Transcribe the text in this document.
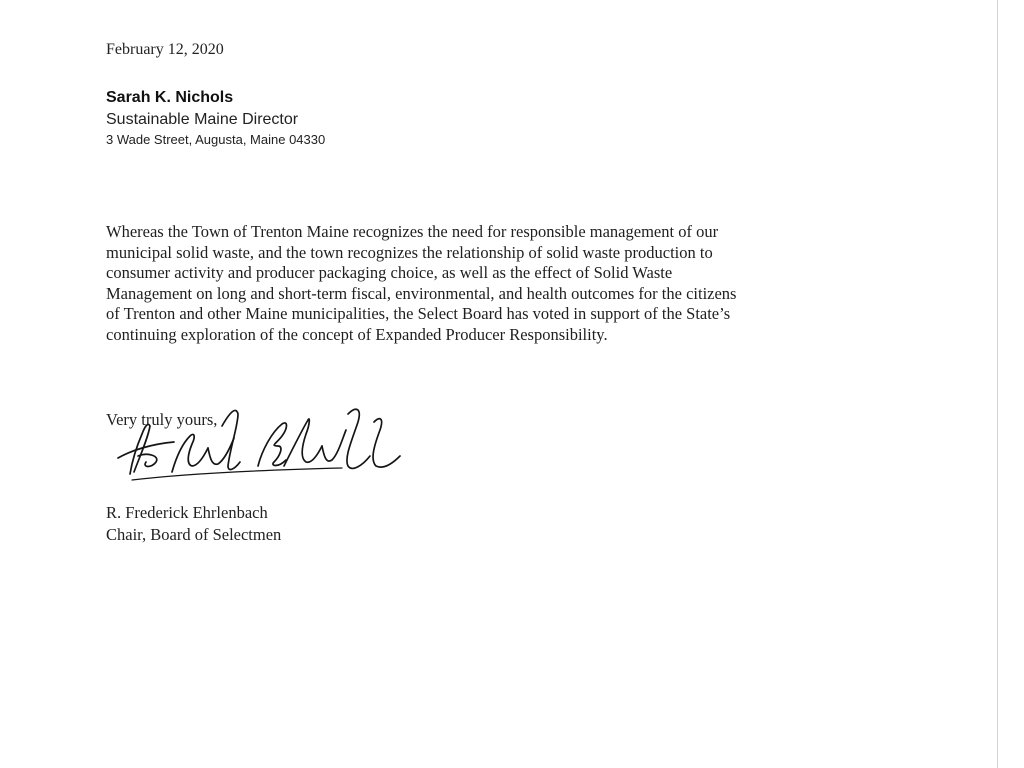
February 12, 2020
Sarah K. Nichols
Sustainable Maine Director
3 Wade Street, Augusta, Maine 04330
Whereas the Town of Trenton Maine recognizes the need for responsible management of our
municipal solid waste, and the town recognizes the relationship of solid waste production to
consumer activity and producer packaging choice, as well as the effect of Solid Waste
Management on long and short-term fiscal, environmental, and health outcomes for the citizens
of Trenton and other Maine municipalities, the Select Board has voted in support of the State’s
continuing exploration of the concept of Expanded Producer Responsibility.
Very truly yours,
R. Frederick Ehrlenbach
Chair, Board of Selectmen
